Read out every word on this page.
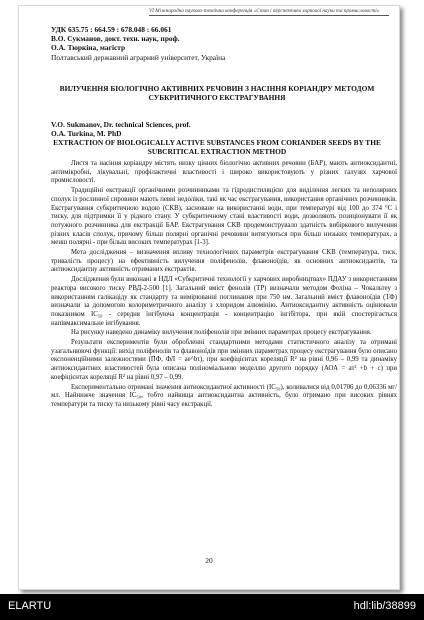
VI Міжнародна науково-технічна конференція «Стан і перспективи харчової науки та промисловості»
УДК 635.75 : 664.59 : 678.048 : 66.061
В.О. Сукманов, докт. техн. наук, проф.
О.А. Тюркіна, магістр
Полтавський державний аграрний університет, Україна
ВИЛУЧЕННЯ БІОЛОГІЧНО АКТИВНИХ РЕЧОВИН З НАСІННЯ КОРІАНДРУ МЕТОДОМ СУБКРИТИЧНОГО ЕКСТРАГУВАННЯ
V.O. Sukmanov, Dr. technical Sciences, prof.
O.A. Turkina, M. PhD
EXTRACTION OF BIOLOGICALLY ACTIVE SUBSTANCES FROM CORIANDER SEEDS BY THE SUBCRITICAL EXTRACTION METHOD

Листя та насіння коріандру містять низку цінних біологічно активних речовин (БАР), мають антиоксидантні, антимікробні, лікувальні, профілактичні властивості і широко використовують у різних галузях харчової промисловості.

Традиційні екстракції органічними розчинниками та гідродистиляцією для виділення легких та неполярних сполук із рослинної сировини мають певні недоліки, такі як час екстрагування, використання органічних розчинників. Екстрагування субкритичною водою (СКВ), засноване на використанні води, при температурі від 100 до 374 °С і тиску, для підтримки її у рідкого стану. У субкритичному стані властивості води, дозволяють позиціонувати її як потужного розчинника для екстракції БАР. Екстрагування СКВ продемонструвало здатність вибіркового вилучення різних класів сполук, причому більш полярні органічні речовини витягуються при більш низьких температурах, а менш полярні - при більш високих температурах [1-3].

Мета дослідження – визначення впливу технологічних параметрів екстрагування СКВ (температура, тиск, тривалість процесу) на ефективність вилучення поліфенолів, флавоноїдів, як основних антиоксидантів, та антиоксидантну активність отриманих екстрактів.

Дослідження були виконані в НДЛ «Субкритичні технології у харчових виробництвах» ПДАУ з використанням реактора високого тиску РВД-2-500 [1]. Загальний вміст фенолів (ТР) визначали методом Фоліна – Чокальтеу з використанням галікаціду як стандарту та вимірюванні поглинання при 750 нм. Загальний вміст флавоноїдів (ТФ) визначали за допомогою колориметричного аналізу з хлоридом алюмінію. Антиоксидантну активність оцінювали показником IC₅₀ - середня інгібуюча концентрація - концентрацію інгібітора, при якій спостерігається напівмаксимальне інгібування.

На рисунку наведено динаміку вилучення поліфенолів при змінних параметрах процесу екстрагування.

Результати експериментів були обробленні стандартними методами статистичного аналізу та отримані узагальнюючі функції: вихід поліфенолів та флавоноїдів при змінних параметрах процесу екстрагування було описано експоненційними залежностями (ПФ, ФЛ = ae^bτ), при коефіцієнтах кореляції R² на рівні 0,96 – 0,99 та динаміку антиоксидантних властивостей була описана поліноміальною моделлю другого порядку (АОА = aτ² +b + c) при коефіцієнтах кореляції R² на рівні 0,97 – 0,99.

Експериментально отримані значення антиоксидантної активності (IC₅₀), коливалися від 0,01706 до 0,06336 мг/мл. Найнижче значення IC₅₀, тобто найвища антиоксидантна активність, було отримано при високих рівнях температури та тиску та низькому рівні часу екстракції.

20
ELARTU	hdl:lib/38899
